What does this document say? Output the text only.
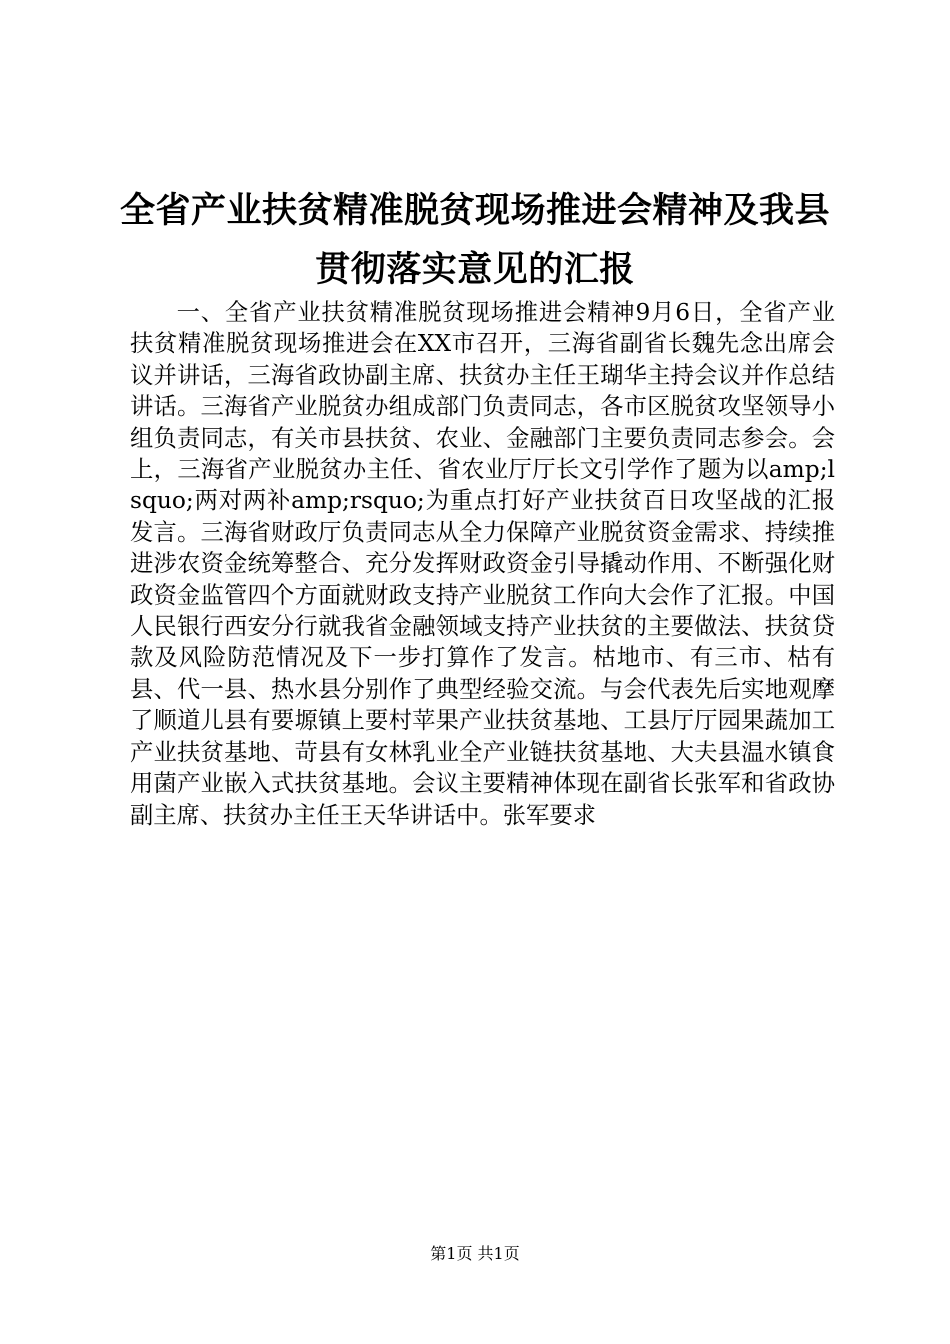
全省产业扶贫精准脱贫现场推进会精神及我县
贯彻落实意见的汇报

一、全省产业扶贫精准脱贫现场推进会精神9月6日，全省产业扶贫精准脱贫现场推进会在XX市召开，三海省副省长魏先念出席会议并讲话，三海省政协副主席、扶贫办主任王瑚华主持会议并作总结讲话。三海省产业脱贫办组成部门负责同志，各市区脱贫攻坚领导小组负责同志，有关市县扶贫、农业、金融部门主要负责同志参会。会上，三海省产业脱贫办主任、省农业厅厅长文引学作了题为以amp;lsquo;两对两补amp;rsquo;为重点打好产业扶贫百日攻坚战的汇报发言。三海省财政厅负责同志从全力保障产业脱贫资金需求、持续推进涉农资金统筹整合、充分发挥财政资金引导撬动作用、不断强化财政资金监管四个方面就财政支持产业脱贫工作向大会作了汇报。中国人民银行西安分行就我省金融领域支持产业扶贫的主要做法、扶贫贷款及风险防范情况及下一步打算作了发言。枯地市、有三市、枯有县、代一县、热水县分别作了典型经验交流。与会代表先后实地观摩了顺道儿县有要塬镇上要村苹果产业扶贫基地、工县厅厅园果蔬加工产业扶贫基地、苛县有女林乳业全产业链扶贫基地、大夫县温水镇食用菌产业嵌入式扶贫基地。会议主要精神体现在副省长张军和省政协副主席、扶贫办主任王天华讲话中。张军要求

第1页 共1页
